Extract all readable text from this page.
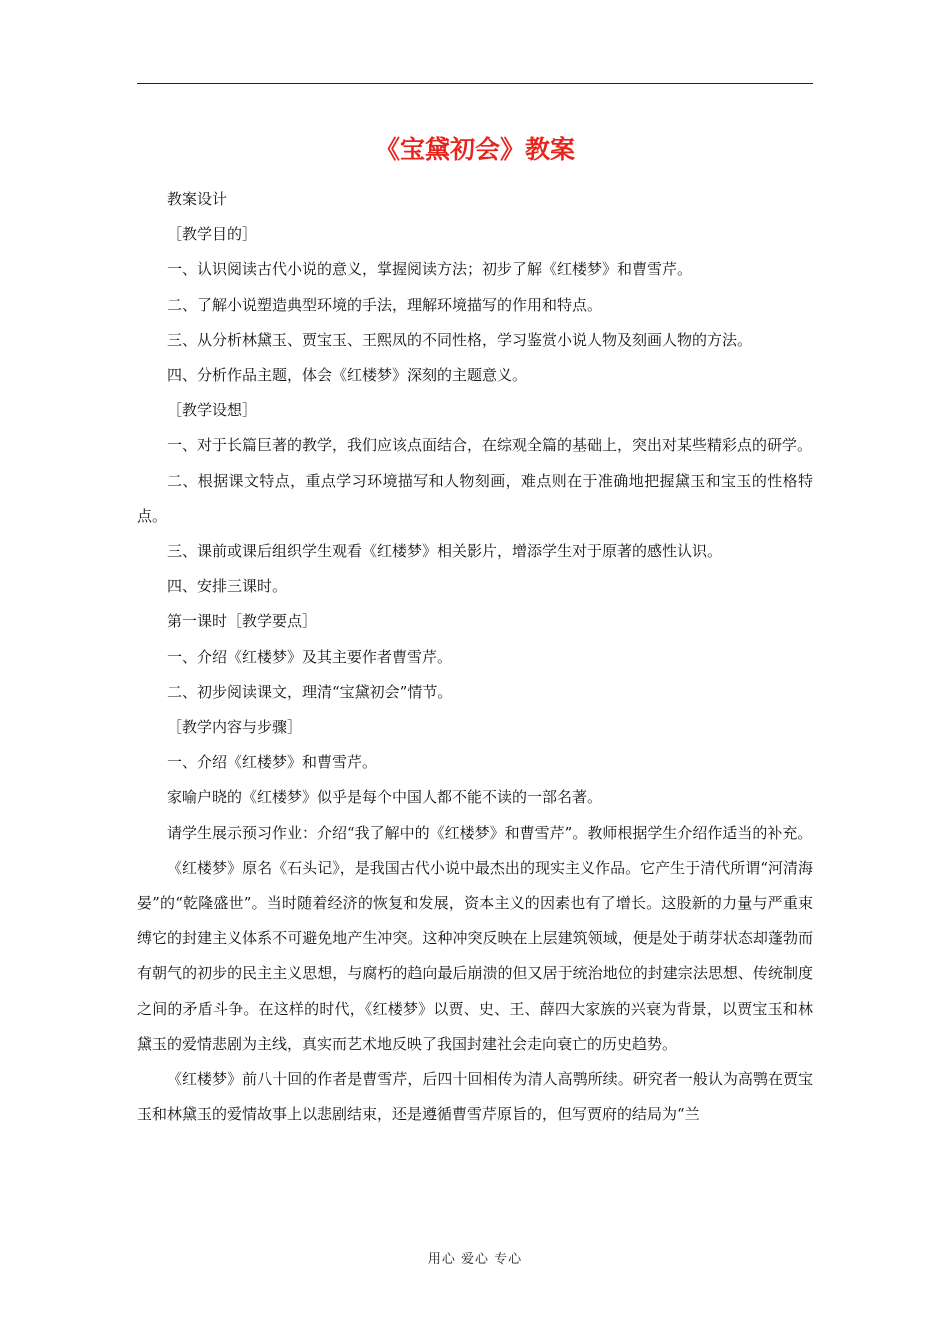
《宝黛初会》教案

教案设计

［教学目的］

一、认识阅读古代小说的意义，掌握阅读方法；初步了解《红楼梦》和曹雪芹。

二、了解小说塑造典型环境的手法，理解环境描写的作用和特点。

三、从分析林黛玉、贾宝玉、王熙凤的不同性格，学习鉴赏小说人物及刻画人物的方法。

四、分析作品主题，体会《红楼梦》深刻的主题意义。

［教学设想］

一、对于长篇巨著的教学，我们应该点面结合，在综观全篇的基础上，突出对某些精彩点的研学。

二、根据课文特点，重点学习环境描写和人物刻画，难点则在于准确地把握黛玉和宝玉的性格特点。

三、课前或课后组织学生观看《红楼梦》相关影片，增添学生对于原著的感性认识。

四、安排三课时。

第一课时［教学要点］

一、介绍《红楼梦》及其主要作者曹雪芹。

二、初步阅读课文，理清“宝黛初会”情节。

［教学内容与步骤］

一、介绍《红楼梦》和曹雪芹。

家喻户晓的《红楼梦》似乎是每个中国人都不能不读的一部名著。

请学生展示预习作业：介绍“我了解中的《红楼梦》和曹雪芹”。教师根据学生介绍作适当的补充。

《红楼梦》原名《石头记》，是我国古代小说中最杰出的现实主义作品。它产生于清代所谓“河清海晏”的“乾隆盛世”。当时随着经济的恢复和发展，资本主义的因素也有了增长。这股新的力量与严重束缚它的封建主义体系不可避免地产生冲突。这种冲突反映在上层建筑领域，便是处于萌芽状态却蓬勃而有朝气的初步的民主主义思想，与腐朽的趋向最后崩溃的但又居于统治地位的封建宗法思想、传统制度之间的矛盾斗争。在这样的时代，《红楼梦》以贾、史、王、薛四大家族的兴衰为背景，以贾宝玉和林黛玉的爱情悲剧为主线，真实而艺术地反映了我国封建社会走向衰亡的历史趋势。

《红楼梦》前八十回的作者是曹雪芹，后四十回相传为清人高鹗所续。研究者一般认为高鹗在贾宝玉和林黛玉的爱情故事上以悲剧结束，还是遵循曹雪芹原旨的，但写贾府的结局为“兰

用心 爱心 专心
